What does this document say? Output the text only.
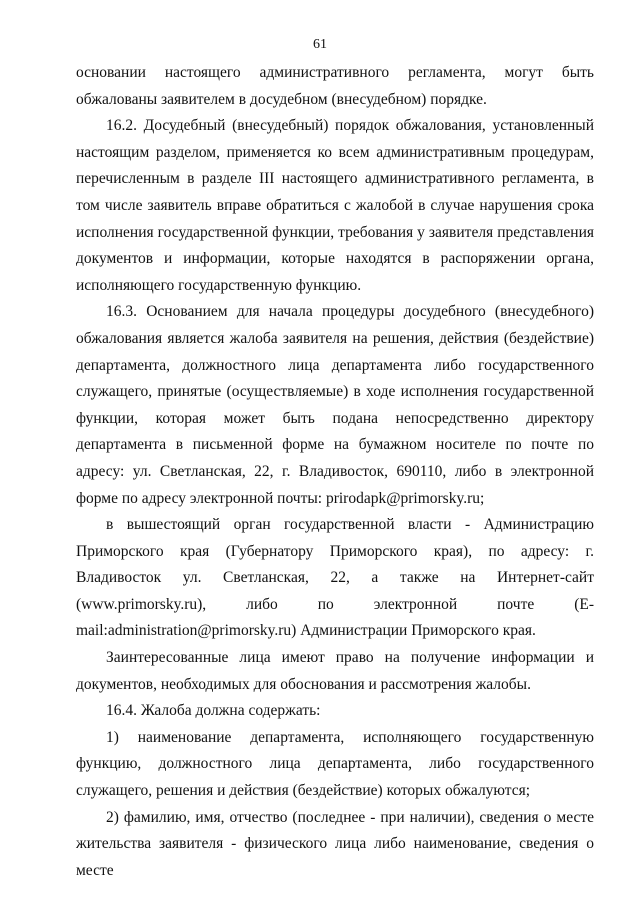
61

основании настоящего административного регламента, могут быть обжалованы заявителем в досудебном (внесудебном) порядке.

16.2. Досудебный (внесудебный) порядок обжалования, установленный настоящим разделом, применяется ко всем административным процедурам, перечисленным в разделе III настоящего административного регламента, в том числе заявитель вправе обратиться с жалобой в случае нарушения срока исполнения государственной функции, требования у заявителя представления документов и информации, которые находятся в распоряжении органа, исполняющего государственную функцию.

16.3. Основанием для начала процедуры досудебного (внесудебного) обжалования является жалоба заявителя на решения, действия (бездействие) департамента, должностного лица департамента либо государственного служащего, принятые (осуществляемые) в ходе исполнения государственной функции, которая может быть подана непосредственно директору департамента в письменной форме на бумажном носителе по почте по адресу: ул. Светланская, 22, г. Владивосток, 690110, либо в электронной форме по адресу электронной почты: prirodapk@primorsky.ru;

в вышестоящий орган государственной власти - Администрацию Приморского края (Губернатору Приморского края), по адресу: г. Владивосток ул. Светланская, 22, а также на Интернет-сайт (www.primorsky.ru), либо по электронной почте (E-mail:administration@primorsky.ru) Администрации Приморского края.

Заинтересованные лица имеют право на получение информации и документов, необходимых для обоснования и рассмотрения жалобы.

16.4. Жалоба должна содержать:

1) наименование департамента, исполняющего государственную функцию, должностного лица департамента, либо государственного служащего, решения и действия (бездействие) которых обжалуются;

2) фамилию, имя, отчество (последнее - при наличии), сведения о месте жительства заявителя - физического лица либо наименование, сведения о месте
